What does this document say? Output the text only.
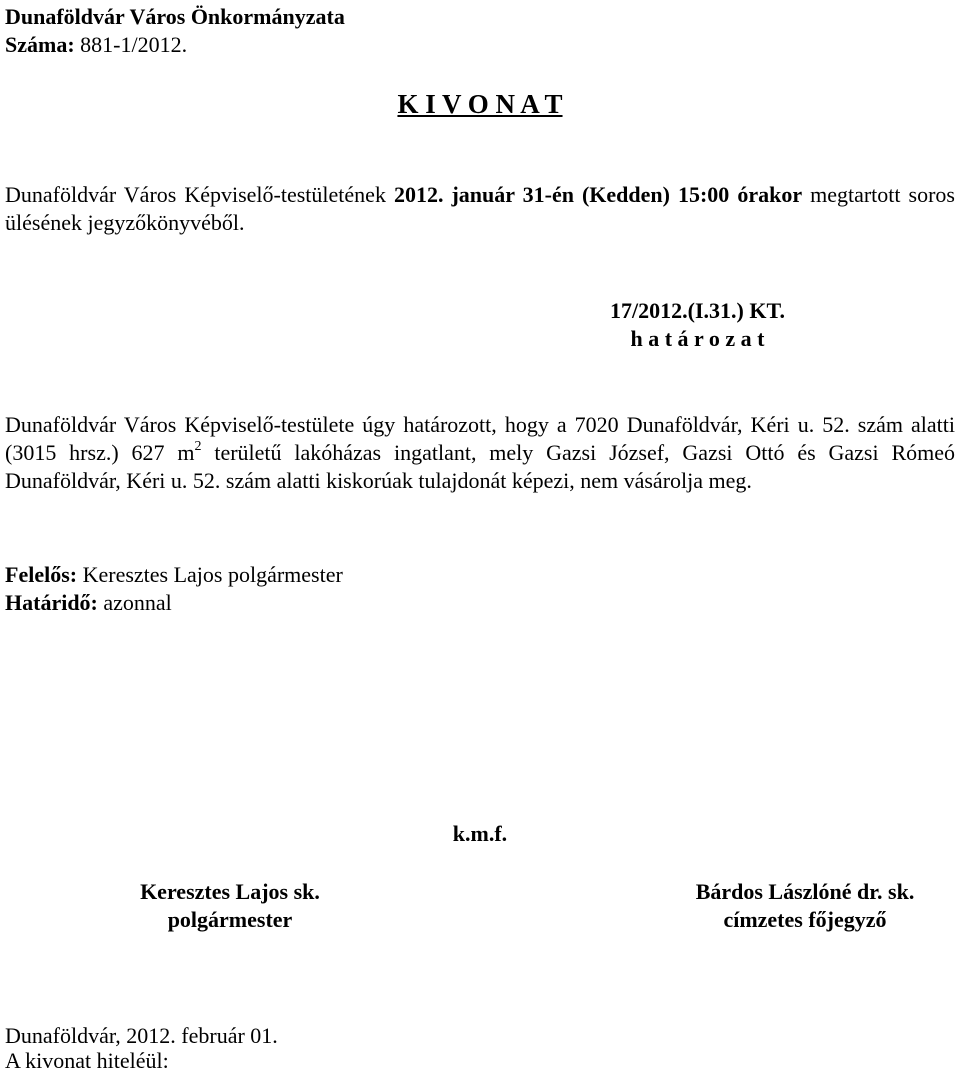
Dunaföldvár Város Önkormányzata
Száma: 881-1/2012.
K I V O N A T
Dunaföldvár Város Képviselő-testületének 2012. január 31-én (Kedden) 15:00 órakor megtartott soros ülésének jegyzőkönyvéből.
17/2012.(I.31.) KT.
h a t á r o z a t
Dunaföldvár Város Képviselő-testülete úgy határozott, hogy a 7020 Dunaföldvár, Kéri u. 52. szám alatti (3015 hrsz.) 627 $m^2$ területű lakóházas ingatlant, mely Gazsi József, Gazsi Ottó és Gazsi Rómeó Dunaföldvár, Kéri u. 52. szám alatti kiskorúak tulajdonát képezi, nem vásárolja meg.
Felelős: Keresztes Lajos polgármester
Határidő: azonnal
k.m.f.
Keresztes Lajos sk.
polgármester
Bárdos Lászlóné dr. sk.
címzetes főjegyző
Dunaföldvár, 2012. február 01.
A kivonat hiteléül:
